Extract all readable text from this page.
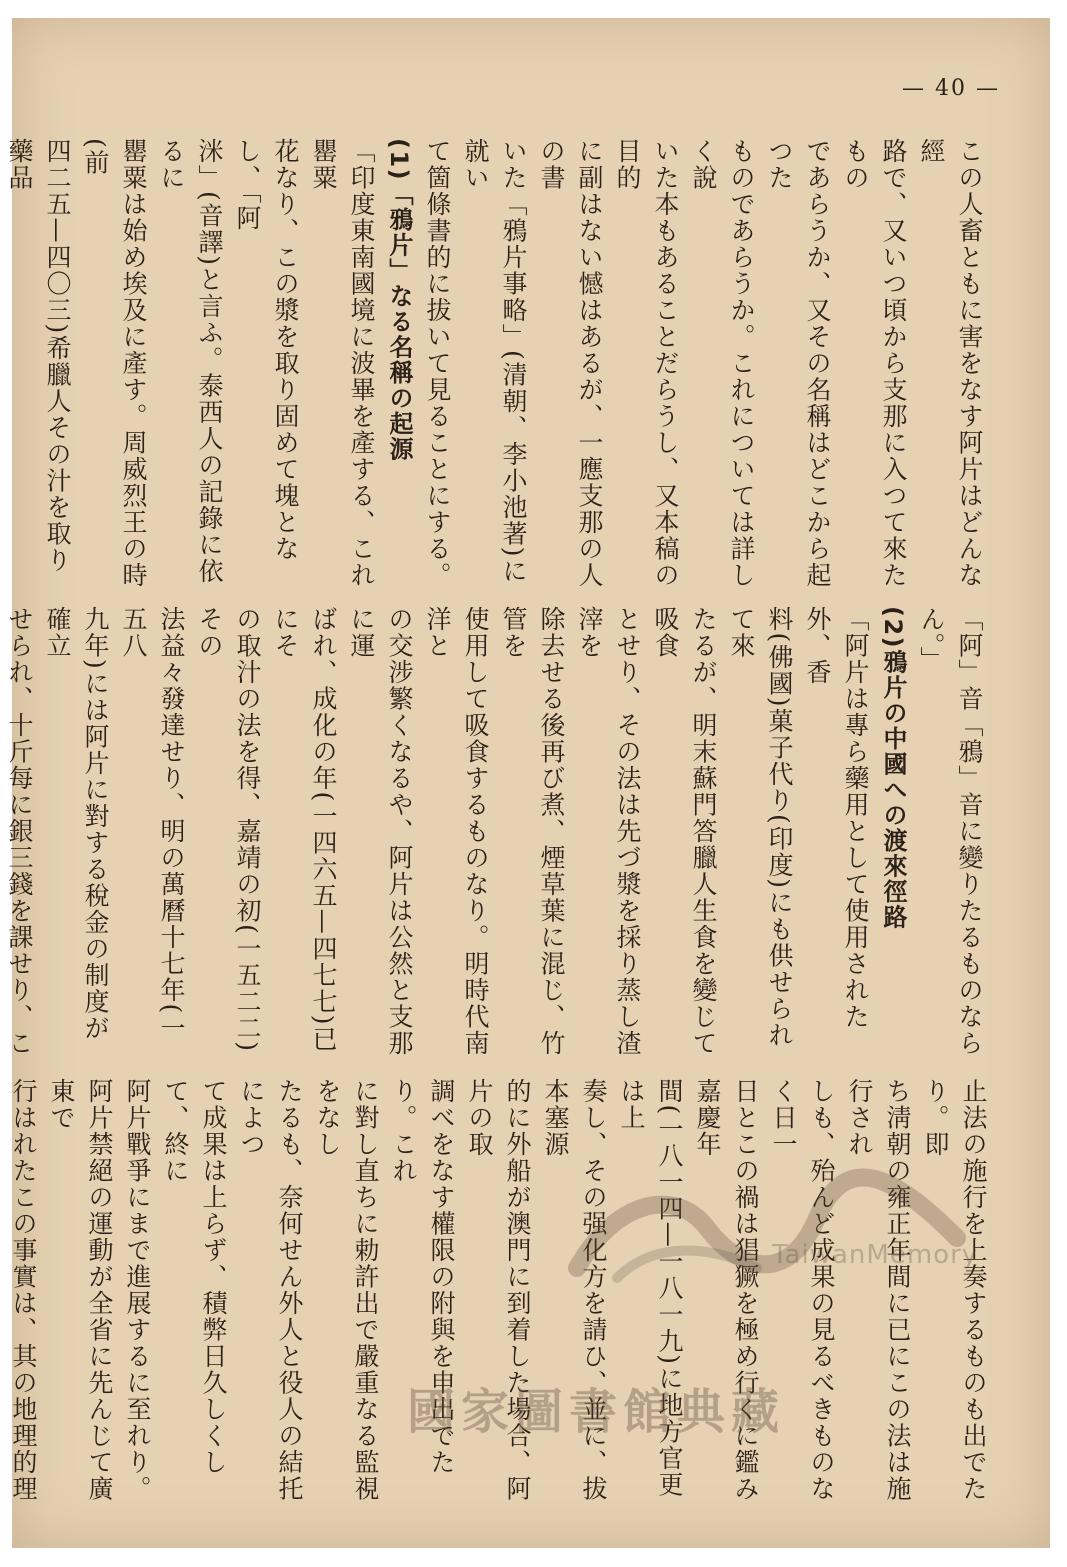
— 40 —

この人畜ともに害をなす阿片はどんな經

路で、又いつ頃から支那に入つて來たもの

であらうか、又その名稱はどこから起つた

ものであらうか。これについては詳しく說

いた本もあることだらうし、又本稿の目的

に副はない憾はあるが、一應支那の人の書

いた「鴉片事略」(清朝、李小池著)に就い

て箇條書的に拔いて見ることにする。

(1)「鴉片」なる名稱の起源

「印度東南國境に波畢を產する、これ罌粟

花なり、この漿を取り固めて塊となし、「阿

洣」(音譯)と言ふ。泰西人の記錄に依るに

罌粟は始め埃及に產す。周威烈王の時(前

四二五—四〇三)希臘人その汁を取り藥品

「阿」音「鴉」音に變りたるものならん。」

(2)鴉片の中國への渡來徑路

「阿片は專ら藥用として使用された外、香

料(佛國)菓子代り(印度)にも供せられて來

たるが、明末蘇門答臘人生食を變じて吸食

とせり、その法は先づ漿を採り蒸し渣滓を

除去せる後再び煮、煙草葉に混じ、竹管を

使用して吸食するものなり。明時代南洋と

の交涉繁くなるや、阿片は公然と支那に運

ばれ、成化の年(一四六五—四七七)已にそ

の取汁の法を得、嘉靖の初(一五二二)その

法益々發達せり、明の萬曆十七年(一五八

九年)には阿片に對する稅金の制度が確立

せられ、十斤每に銀三錢を課せり、こ

止法の施行を上奏するものも出でたり。即

ち淸朝の雍正年間に已にこの法は施行され

しも、殆んど成果の見るべきものなく日一

日とこの禍は猖獗を極め行くに鑑み嘉慶年

間(一八一四—一八一九)に地方官更は上

奏し、その强化方を請ひ、並に、拔本塞源

的に外船が澳門に到着した場合、阿片の取

調べをなす權限の附與を申出でたり。これ

に對し直ちに勅許出で嚴重なる監視をなし

たるも、奈何せん外人と役人の結托によつ

て成果は上らず、積弊日久しくして、終に

阿片戰爭にまで進展するに至れり。

阿片禁絕の運動が全省に先んじて廣東で

行はれたこの事實は、其の地理的理

TaiwanMemory
國家圖書館典藏
